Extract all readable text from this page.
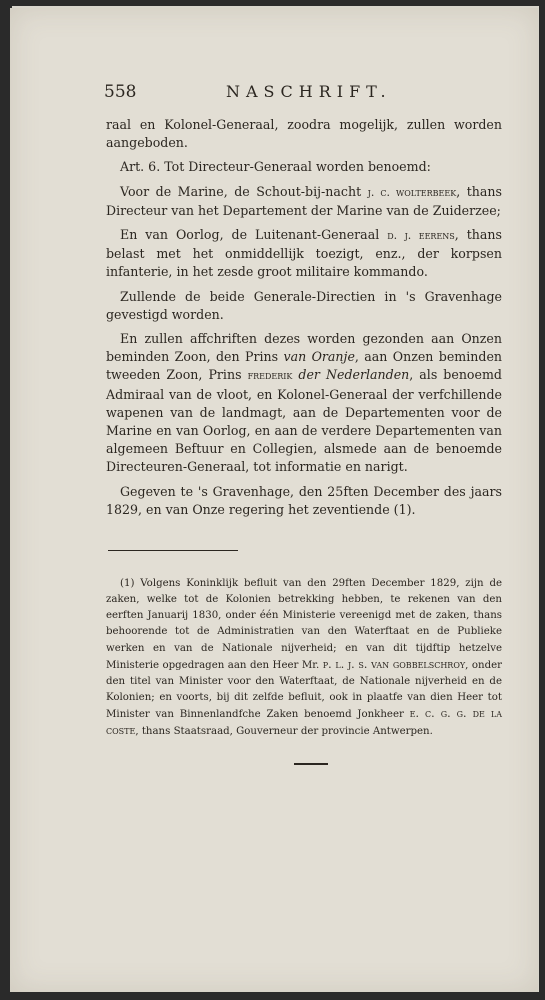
558	NASCHRIFT.

raal en Kolonel-Generaal, zoodra mogelijk, zullen worden aangeboden.

Art. 6. Tot Directeur-Generaal worden benoemd:

Voor de Marine, de Schout-bij-nacht j. c. wolterbeek, thans Directeur van het Departement der Marine van de Zuiderzee;

En van Oorlog, de Luitenant-Generaal d. j. eerens, thans belast met het onmiddellijk toezigt, enz., der korpsen infanterie, in het zesde groot militaire kommando.

Zullende de beide Generale-Directien in 's Gravenhage gevestigd worden.

En zullen affchriften dezes worden gezonden aan Onzen beminden Zoon, den Prins van Oranje, aan Onzen beminden tweeden Zoon, Prins frederik der Nederlanden, als benoemd Admiraal van de vloot, en Kolonel-Generaal der verfchillende wapenen van de landmagt, aan de Departementen voor de Marine en van Oorlog, en aan de verdere Departementen van algemeen Beftuur en Collegien, alsmede aan de benoemde Directeuren-Generaal, tot informatie en narigt.

Gegeven te 's Gravenhage, den 25ften December des jaars 1829, en van Onze regering het zeventiende (1).

(1) Volgens Koninklijk befluit van den 29ften December 1829, zijn de zaken, welke tot de Kolonien betrekking hebben, te rekenen van den eerften Januarij 1830, onder één Ministerie vereenigd met de zaken, thans behoorende tot de Administratien van den Waterftaat en de Publieke werken en van de Nationale nijverheid; en van dit tijdftip hetzelve Ministerie opgedragen aan den Heer Mr. p. l. j. s. van gobbelschroy, onder den titel van Minister voor den Waterftaat, de Nationale nijverheid en de Kolonien; en voorts, bij dit zelfde befluit, ook in plaatfe van dien Heer tot Minister van Binnenlandfche Zaken benoemd Jonkheer e. c. g. g. de la coste, thans Staatsraad, Gouverneur der provincie Antwerpen.
